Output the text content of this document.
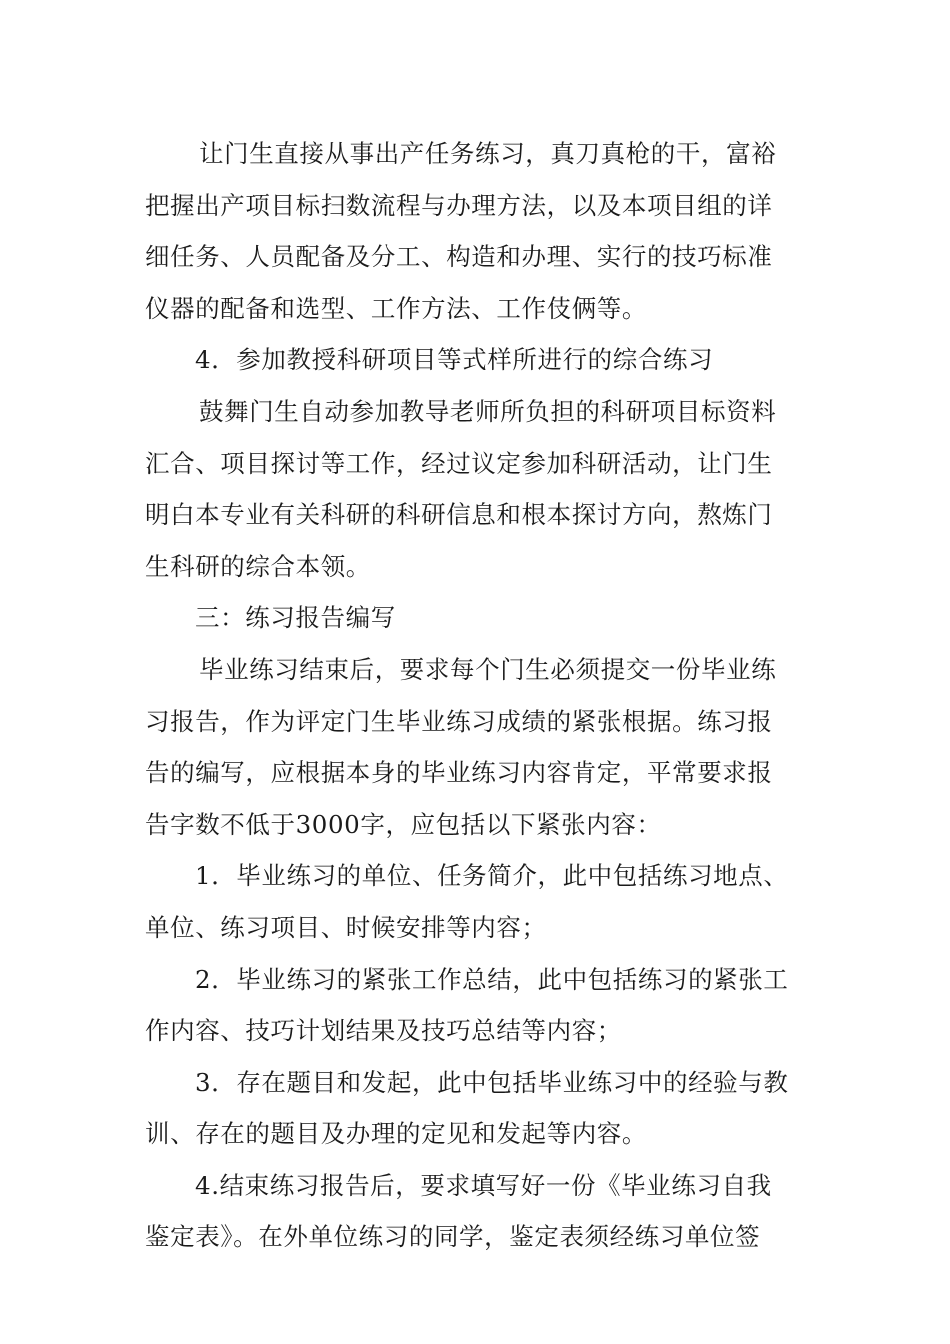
让门生直接从事出产任务练习，真刀真枪的干，富裕
把握出产项目标扫数流程与办理方法，以及本项目组的详
细任务、人员配备及分工、构造和办理、实行的技巧标准
仪器的配备和选型、工作方法、工作伎俩等。
4．参加教授科研项目等式样所进行的综合练习
鼓舞门生自动参加教导老师所负担的科研项目标资料
汇合、项目探讨等工作，经过议定参加科研活动，让门生
明白本专业有关科研的科研信息和根本探讨方向，熬炼门
生科研的综合本领。
三：练习报告编写
毕业练习结束后，要求每个门生必须提交一份毕业练
习报告，作为评定门生毕业练习成绩的紧张根据。练习报
告的编写，应根据本身的毕业练习内容肯定，平常要求报
告字数不低于3000字，应包括以下紧张内容：
1．毕业练习的单位、任务简介，此中包括练习地点、
单位、练习项目、时候安排等内容；
2．毕业练习的紧张工作总结，此中包括练习的紧张工
作内容、技巧计划结果及技巧总结等内容；
3．存在题目和发起，此中包括毕业练习中的经验与教
训、存在的题目及办理的定见和发起等内容。
4.结束练习报告后，要求填写好一份《毕业练习自我
鉴定表》。在外单位练习的同学，鉴定表须经练习单位签
